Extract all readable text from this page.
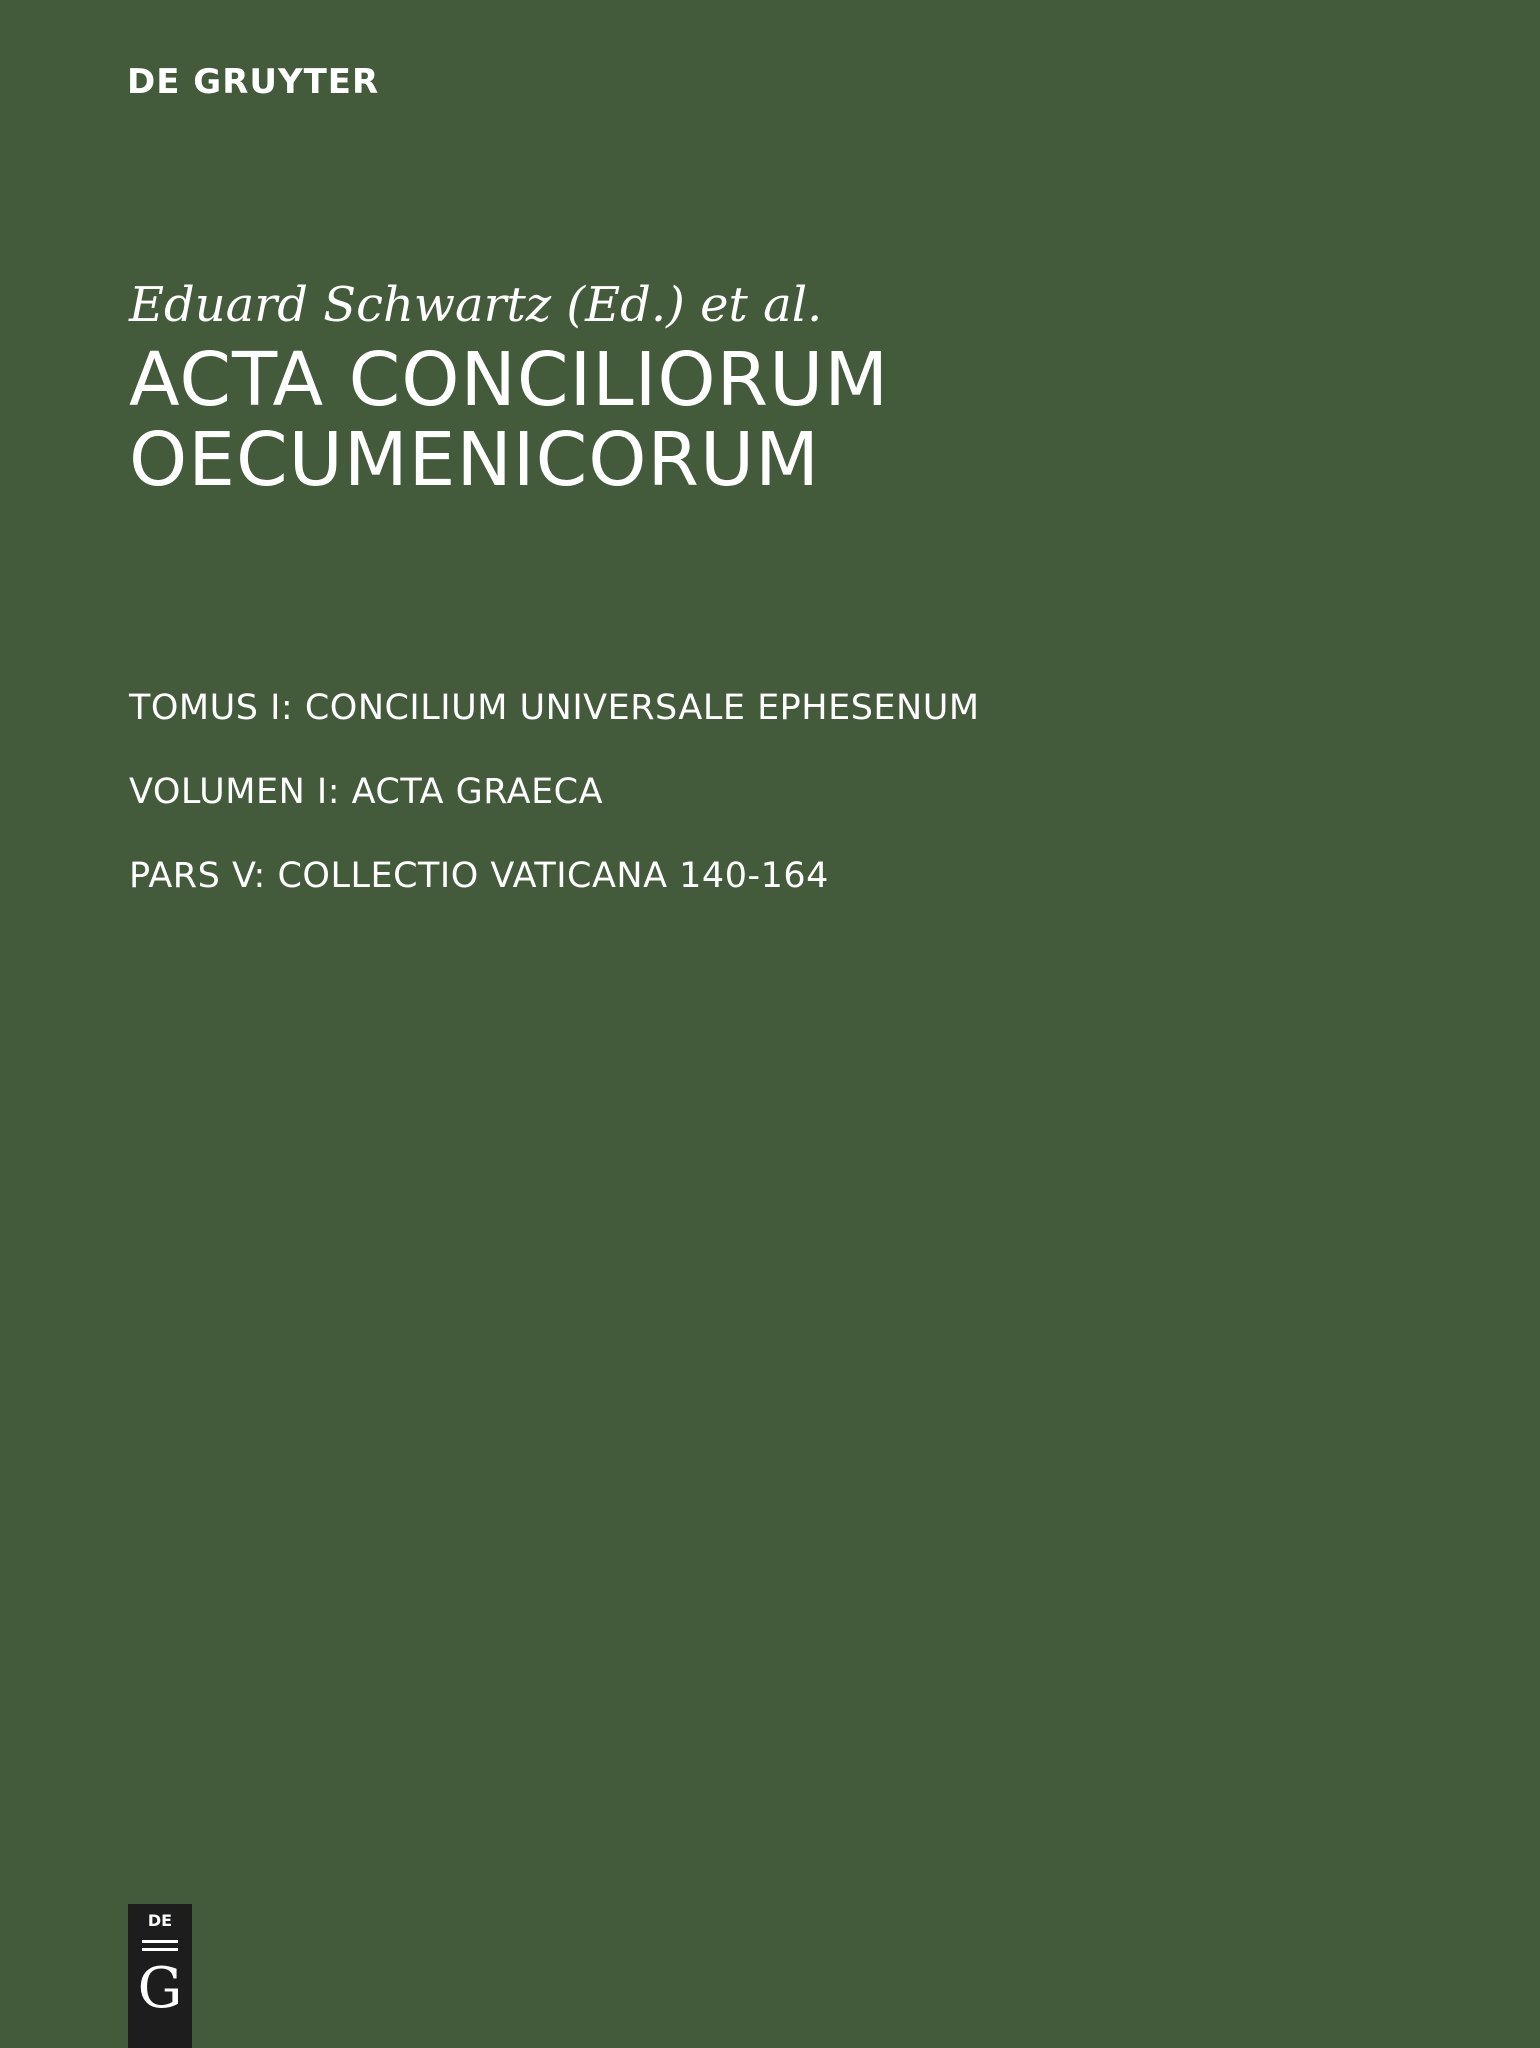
DE GRUYTER
Eduard Schwartz (Ed.) et al.
ACTA CONCILIORUM
OECUMENICORUM
TOMUS I: CONCILIUM UNIVERSALE EPHESENUM
VOLUMEN I: ACTA GRAECA
PARS V: COLLECTIO VATICANA 140-164
DE
G
